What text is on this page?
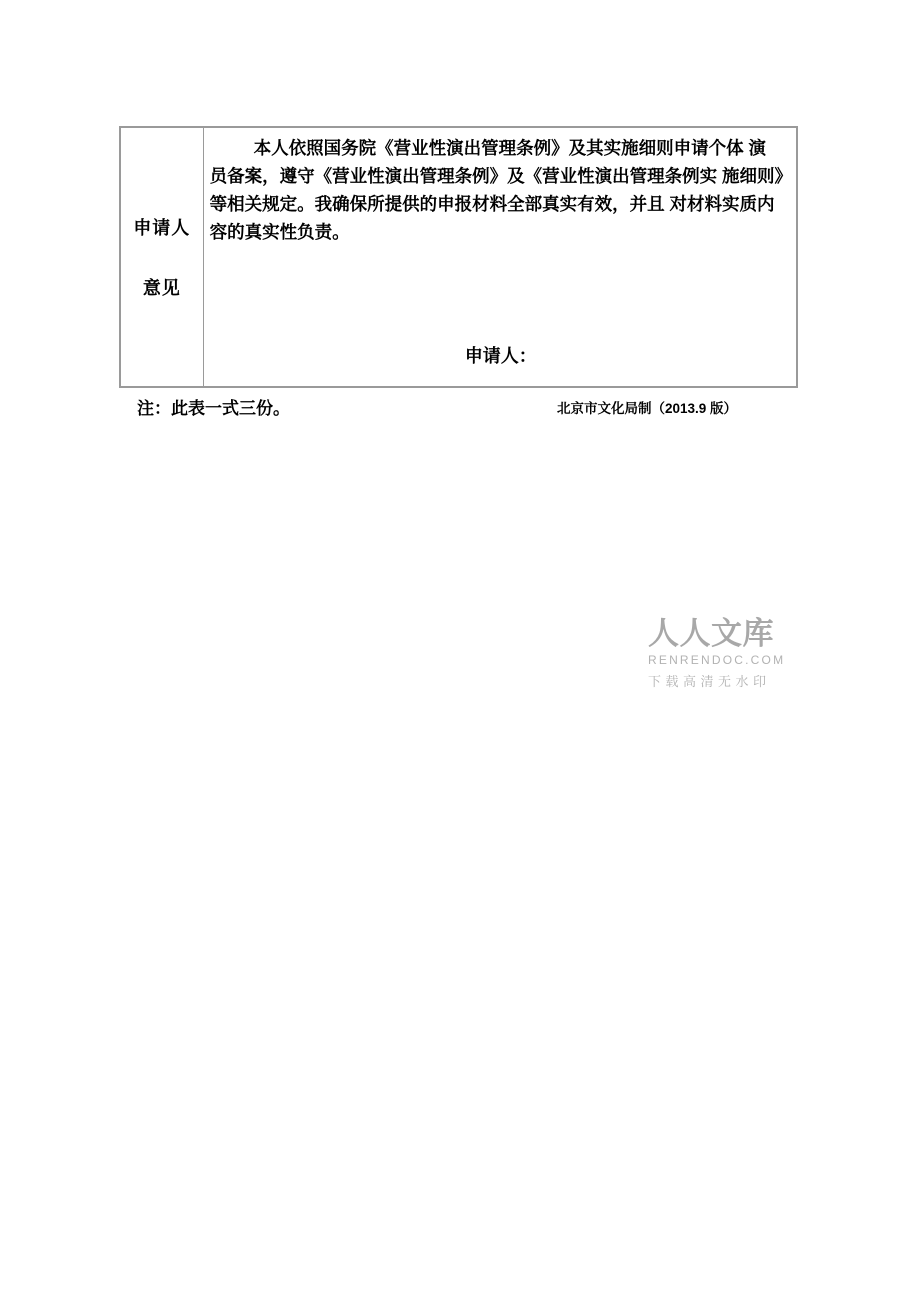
申请人
意见
本人依照国务院《营业性演出管理条例》及其实施细则申请个体 演
员备案，遵守《营业性演出管理条例》及《营业性演出管理条例实 施细则》
等相关规定。我确保所提供的申报材料全部真实有效，并且 对材料实质内
容的真实性负责。
申请人：
注：此表一式三份。	北京市文化局制（2013.9 版）
人人文库
RENRENDOC.COM
下载高清无水印
